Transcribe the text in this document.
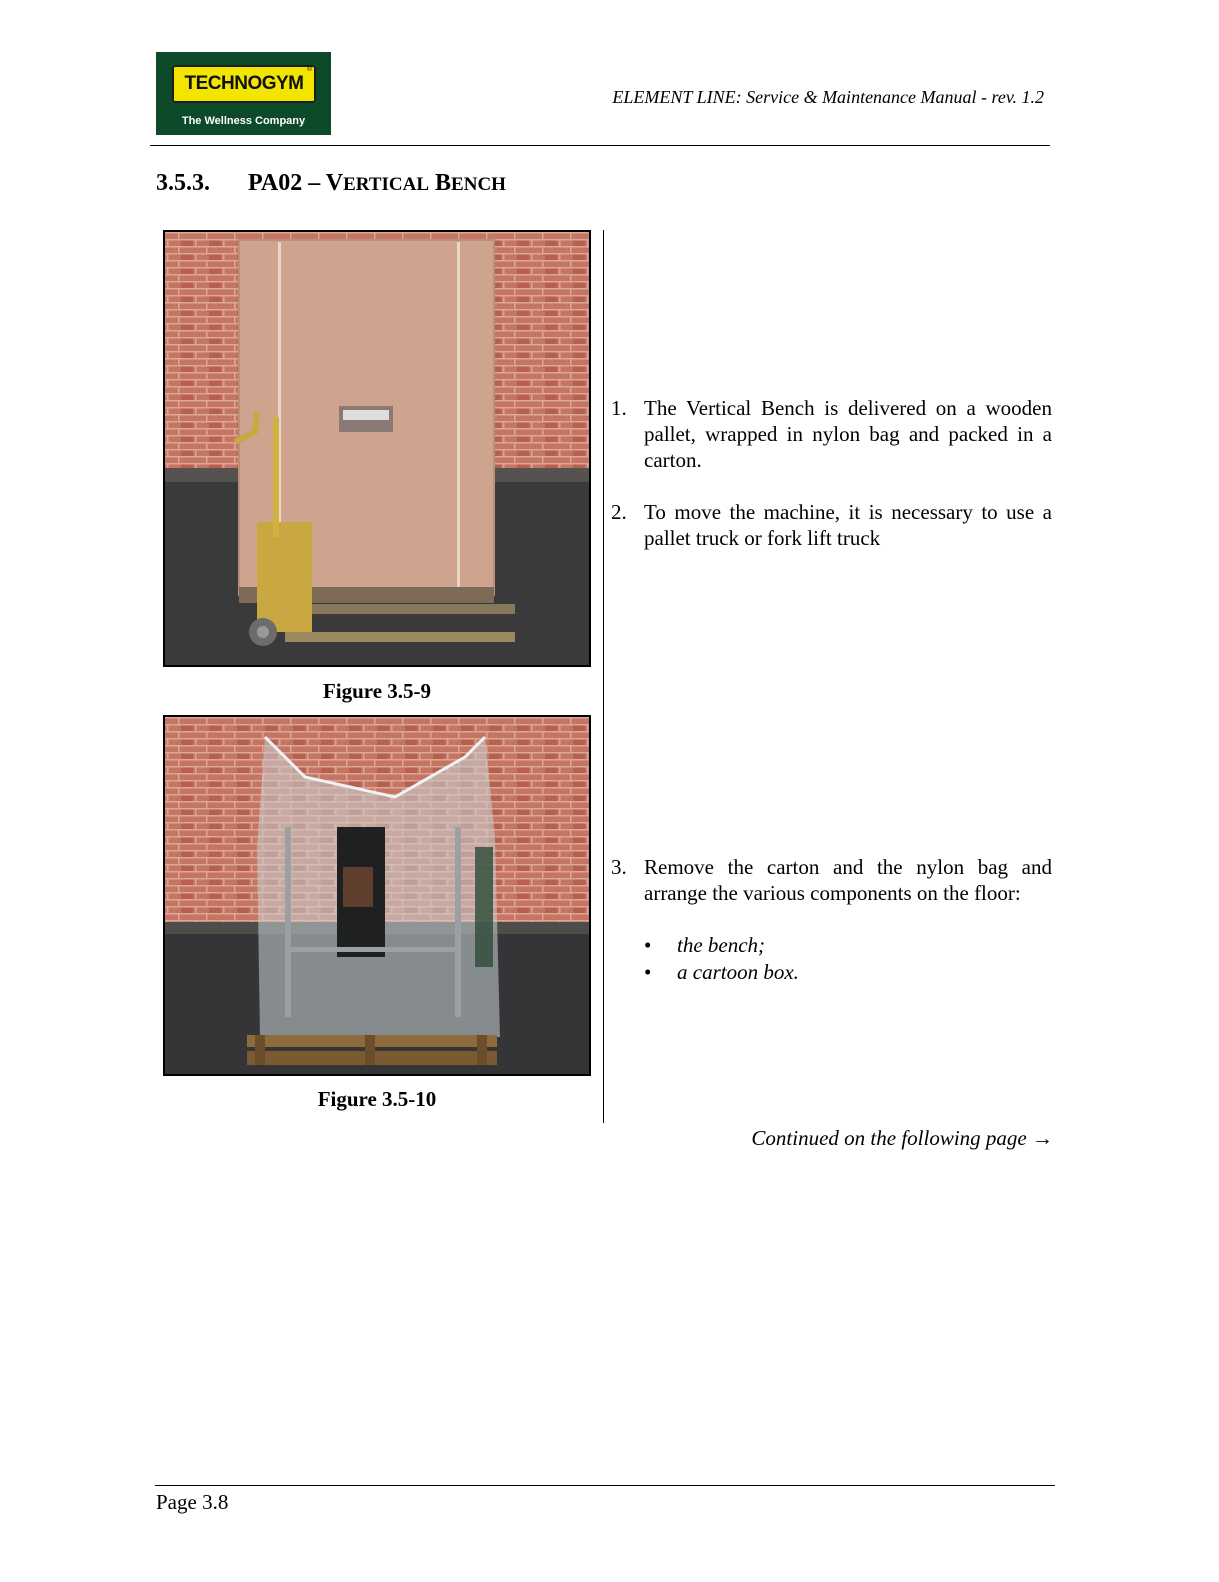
TECHNOGYM
®
The Wellness Company
ELEMENT LINE: Service & Maintenance Manual - rev. 1.2
3.5.3. PA02 – VERTICAL BENCH
Figure 3.5-9
Figure 3.5-10
1. The Vertical Bench is delivered on a wooden pallet, wrapped in nylon bag and packed in a carton.
2. To move the machine, it is necessary to use a pallet truck or fork lift truck
3. Remove the carton and the nylon bag and arrange the various components on the floor:
• the bench;
• a cartoon box.
Continued on the following page →
Page 3.8
